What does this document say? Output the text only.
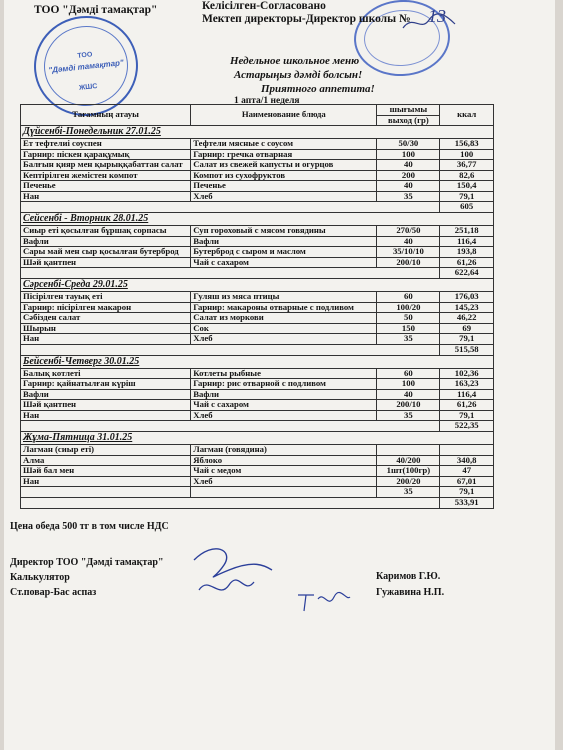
ТОО
"Дәмді тамақтар"
ЖШС
ТОО "Дәмді тамақтар"	Келісілген-Согласовано
Мектеп директоры-Директор школы № 13
Недельное школьное меню
Астарыңыз дәмді болсын!
Приятного аппетита!
1 апта/1 неделя
Тағамның атауы	Наименование блюда	шығымы	ккал
		выход (гр)	
Дүйсенбі-Понедельник 27.01.25			
Ет тефтелиі соуспен	Тефтели мясные с соусом	50/30	156,83
Гарнир: піскен қарақұмық	Гарнир: гречка отварная	100	100
Балғын қияр мен қырыққабаттан салат	Салат из свежей капусты и огурцов	40	36,77
Кептірілген жемістен компот	Компот из сухофруктов	200	82,6
Печенье	Печенье	40	150,4
Нан	Хлеб	35	79,1
			605
Сейсенбі - Вторник 28.01.25			
Сиыр еті қосылған бұршақ сорпасы	Суп гороховый с мясом говядины	270/50	251,18
Вафли	Вафли	40	116,4
Сары май мен сыр қосылған бутерброд	Бутерброд с сыром и маслом	35/10/10	193,8
Шәй қантпен	Чай с сахаром	200/10	61,26
			622,64
Сәрсенбі-Среда 29.01.25			
Пісірілген тауық еті	Гуляш из мяса птицы	60	176,03
Гарнир: пісірілген макарон	Гарнир: макароны отварные с подливом	100/20	145,23
Сәбізден салат	Салат из моркови	50	46,22
Шырын	Сок	150	69
Нан	Хлеб	35	79,1
			515,58
Бейсенбі-Четверг 30.01.25			
Балық котлеті	Котлеты рыбные	60	102,36
Гарнир: қайнатылған күріш	Гарнир: рис отварной с подливом	100	163,23
Вафли	Вафли	40	116,4
Шәй қантпен	Чай с сахаром	200/10	61,26
Нан	Хлеб	35	79,1
			522,35
Жұма-Пятница 31.01.25			
Лагман (сиыр еті)	Лагман (говядина)		
Алма	Яблоко	40/200	340,8
Шәй бал мен	Чай с медом	1шт(100гр)	47
Нан	Хлеб	200/20	67,01
		35	79,1
			533,91
Цена обеда 500 тг в том числе НДС
Директор ТОО "Дәмді тамақтар"
Калькулятор
Ст.повар-Бас аспаз
Каримов Г.Ю.
Гужавина Н.П.
